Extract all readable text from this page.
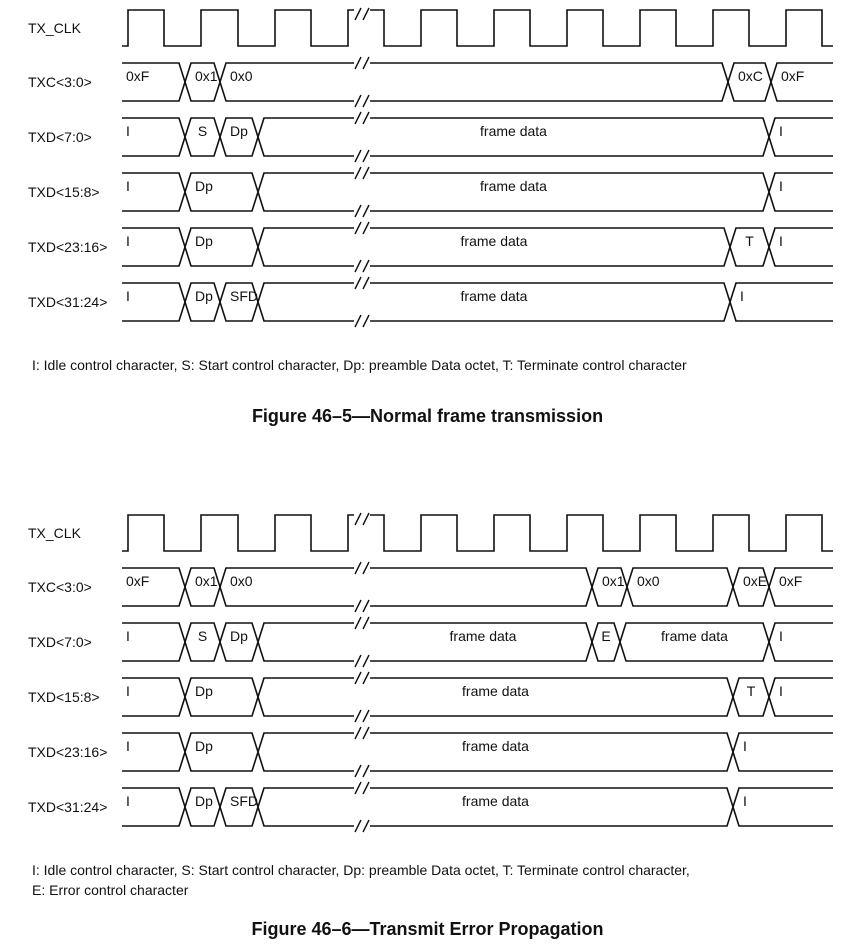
TX_CLK
TXC<3:0> 0xF	0x1 0x0	0xC 0xF
TXD<7:0> I	S Dp	frame data	I
TXD<15:8> I	Dp	frame data	I
TXD<23:16> I	Dp	frame data	T I
TXD<31:24> I	Dp SFD	frame data	I
I: Idle control character, S: Start control character, Dp: preamble Data octet, T: Terminate control character
Figure 46–5—Normal frame transmission
TX_CLK
TXC<3:0> 0xF	0x1 0x0	0x1 0x0	0xE 0xF
TXD<7:0> I	S Dp	frame data	E	frame data	I
TXD<15:8> I	Dp	frame data	T I
TXD<23:16> I	Dp	frame data	I
TXD<31:24> I	Dp SFD	frame data	I
I: Idle control character, S: Start control character, Dp: preamble Data octet, T: Terminate control character,
E: Error control character
Figure 46–6—Transmit Error Propagation
